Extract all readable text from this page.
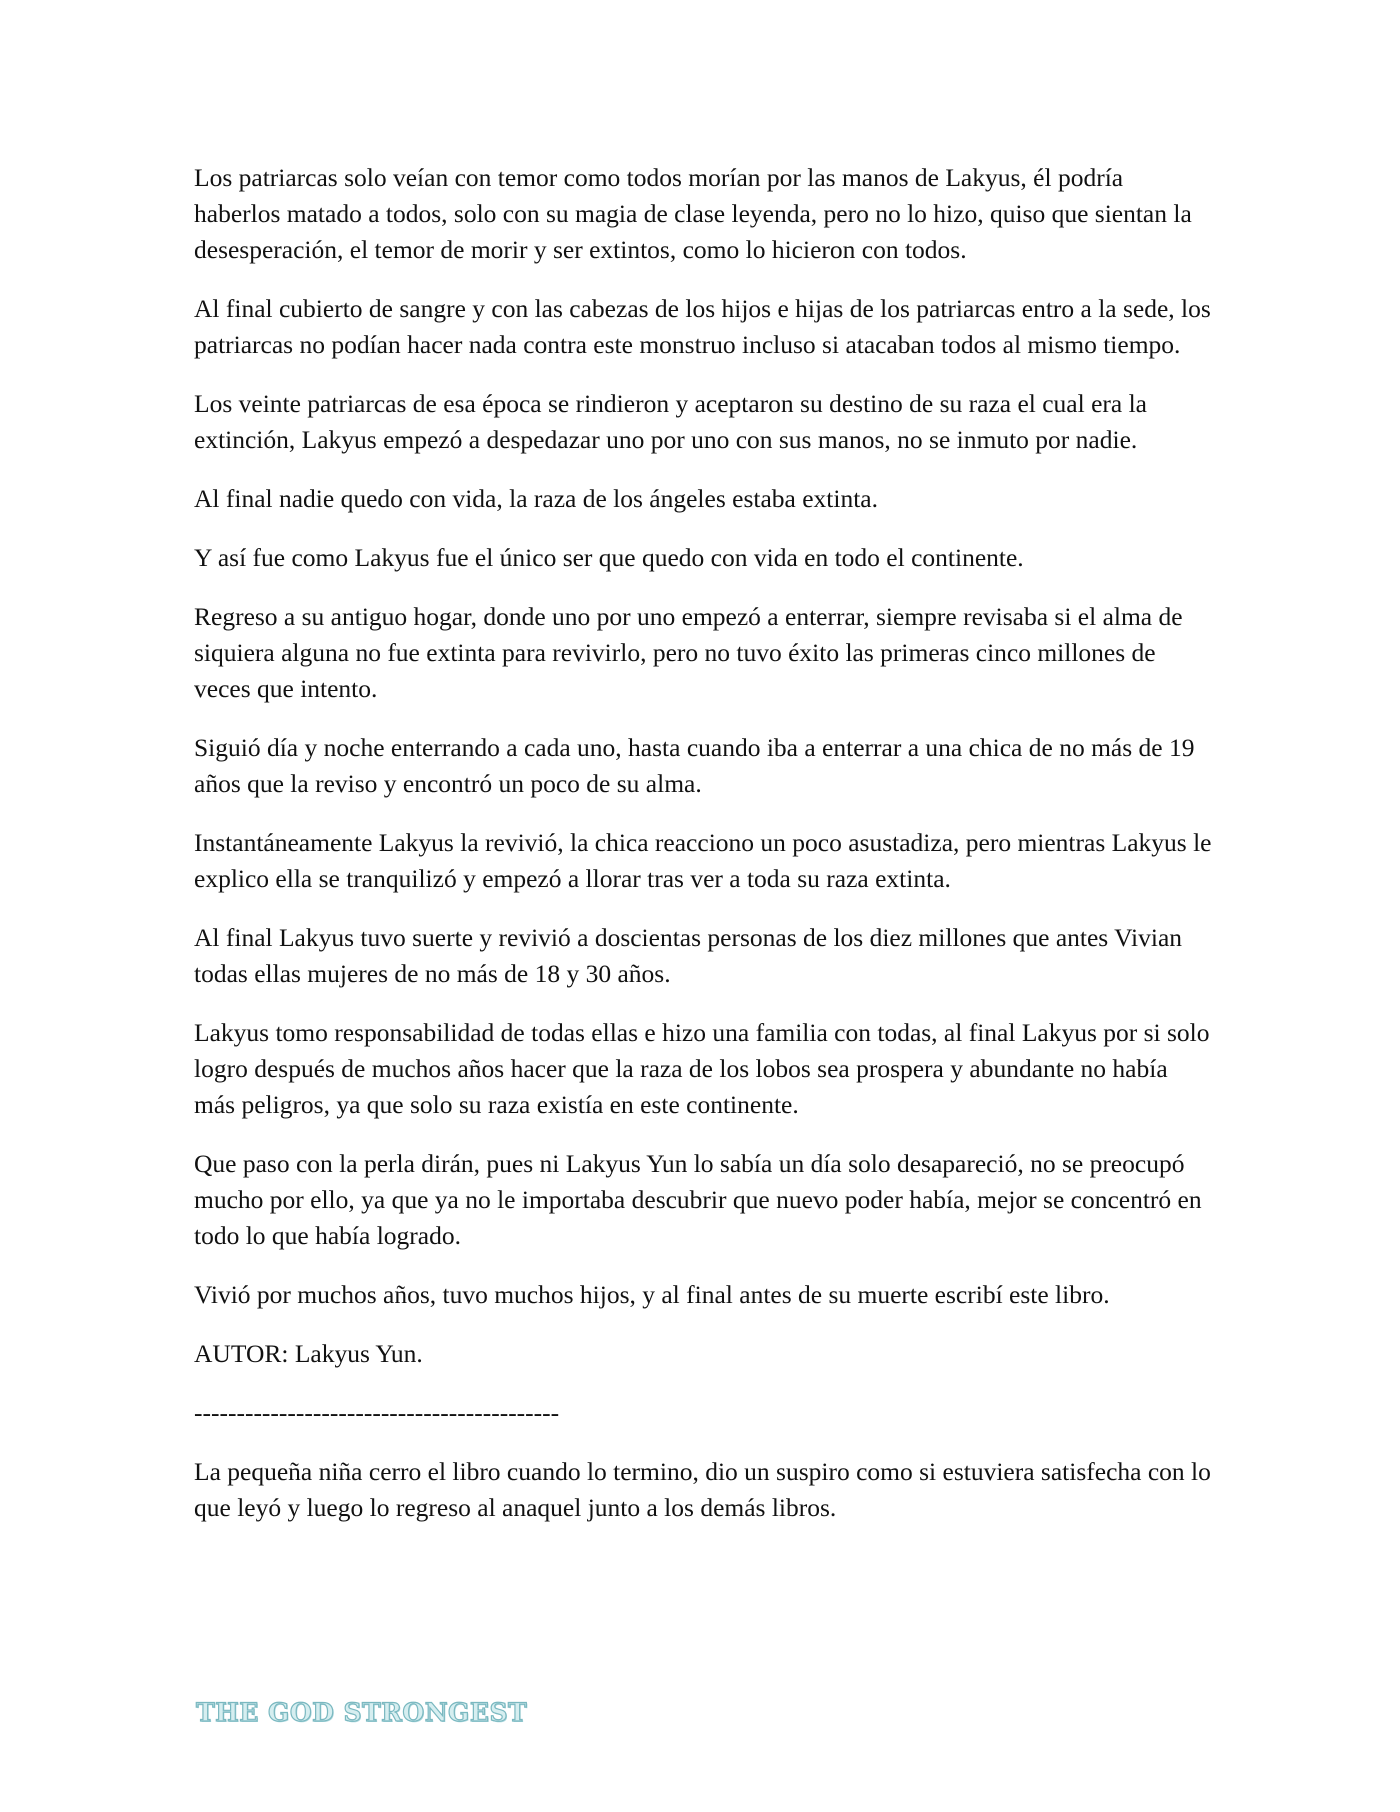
Los patriarcas solo veían con temor como todos morían por las manos de Lakyus, él podría haberlos matado a todos, solo con su magia de clase leyenda, pero no lo hizo, quiso que sientan la desesperación, el temor de morir y ser extintos, como lo hicieron con todos.

Al final cubierto de sangre y con las cabezas de los hijos e hijas de los patriarcas entro a la sede, los patriarcas no podían hacer nada contra este monstruo incluso si atacaban todos al mismo tiempo.

Los veinte patriarcas de esa época se rindieron y aceptaron su destino de su raza el cual era la extinción, Lakyus empezó a despedazar uno por uno con sus manos, no se inmuto por nadie.

Al final nadie quedo con vida, la raza de los ángeles estaba extinta.

Y así fue como Lakyus fue el único ser que quedo con vida en todo el continente.

Regreso a su antiguo hogar, donde uno por uno empezó a enterrar, siempre revisaba si el alma de siquiera alguna no fue extinta para revivirlo, pero no tuvo éxito las primeras cinco millones de veces que intento.

Siguió día y noche enterrando a cada uno, hasta cuando iba a enterrar a una chica de no más de 19 años que la reviso y encontró un poco de su alma.

Instantáneamente Lakyus la revivió, la chica reacciono un poco asustadiza, pero mientras Lakyus le explico ella se tranquilizó y empezó a llorar tras ver a toda su raza extinta.

Al final Lakyus tuvo suerte y revivió a doscientas personas de los diez millones que antes Vivian todas ellas mujeres de no más de 18 y 30 años.

Lakyus tomo responsabilidad de todas ellas e hizo una familia con todas, al final Lakyus por si solo logro después de muchos años hacer que la raza de los lobos sea prospera y abundante no había más peligros, ya que solo su raza existía en este continente.

Que paso con la perla dirán, pues ni Lakyus Yun lo sabía un día solo desapareció, no se preocupó mucho por ello, ya que ya no le importaba descubrir que nuevo poder había, mejor se concentró en todo lo que había logrado.

Vivió por muchos años, tuvo muchos hijos, y al final antes de su muerte escribí este libro.

AUTOR: Lakyus Yun.

-------------------------------------------

La pequeña niña cerro el libro cuando lo termino, dio un suspiro como si estuviera satisfecha con lo que leyó y luego lo regreso al anaquel junto a los demás libros.

THE GOD STRONGEST
